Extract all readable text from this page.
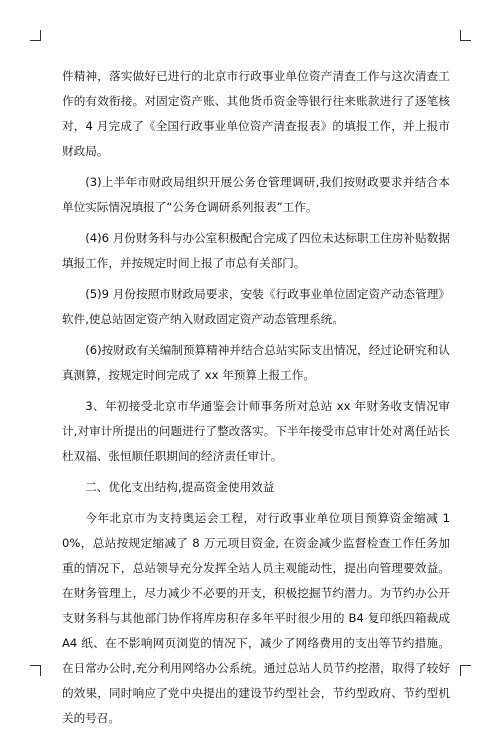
件精神，落实做好已进行的北京市行政事业单位资产清查工作与这次清查工作的有效衔接。对固定资产账、其他货币资金等银行往来账款进行了逐笔核对，4 月完成了《全国行政事业单位资产清查报表》的填报工作，并上报市财政局。

(3)上半年市财政局组织开展公务仓管理调研,我们按财政要求并结合本单位实际情况填报了“公务仓调研系列报表”工作。

(4)6 月份财务科与办公室积极配合完成了四位未达标职工住房补贴数据填报工作，并按规定时间上报了市总有关部门。

(5)9 月份按照市财政局要求，安装《行政事业单位固定资产动态管理》软件,使总站固定资产纳入财政固定资产动态管理系统。

(6)按财政有关编制预算精神并结合总站实际支出情况，经过论研究和认真测算，按规定时间完成了 xx 年预算上报工作。

3、年初接受北京市华通鉴会计师事务所对总站 xx 年财务收支情况审计,对审计所提出的问题进行了整改落实。下半年接受市总审计处对离任站长杜双福、张恒顺任职期间的经济责任审计。

二、优化支出结构,提高资金使用效益

今年北京市为支持奥运会工程，对行政事业单位项目预算资金缩减 10%，总站按规定缩减了 8 万元项目资金, 在资金减少监督检查工作任务加重的情况下，总站领导充分发挥全站人员主观能动性，提出向管理要效益。在财务管理上，尽力减少不必要的开支，积极挖掘节约潜力。为节约办公开支财务科与其他部门协作将库房积存多年平时很少用的 B4 复印纸四箱裁成 A4 纸、在不影响网页浏览的情况下，减少了网络费用的支出等节约措施。在日常办公时,充分利用网络办公系统。通过总站人员节约挖潜，取得了较好的效果，同时响应了党中央提出的建设节约型社会，节约型政府、节约型机关的号召。
